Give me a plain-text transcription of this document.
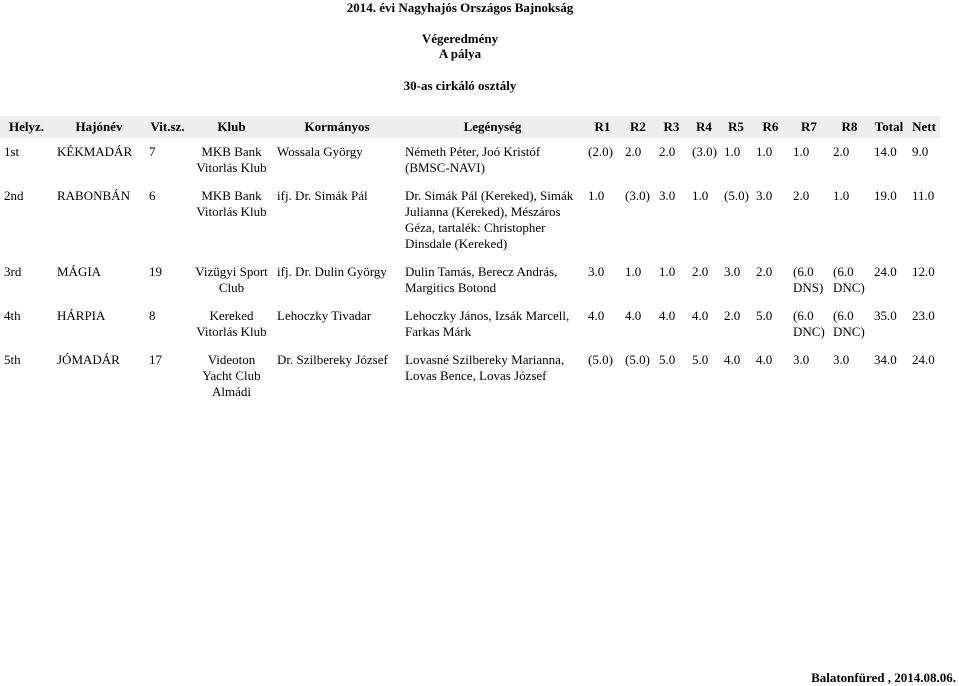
2014. évi Nagyhajós Országos Bajnokság
Végeredmény
A pálya
30-as cirkáló osztály
Helyz.	Hajónév	Vit.sz.	Klub	Kormányos	Legénység	R1	R2	R3	R4	R5	R6	R7	R8	Total	Nett
1st	KÉKMADÁR	7	MKB Bank Vitorlás Klub	Wossala György	Németh Péter, Joó Kristóf (BMSC-NAVI)	(2.0)	2.0	2.0	(3.0)	1.0	1.0	1.0	2.0	14.0	9.0
2nd	RABONBÁN	6	MKB Bank Vitorlás Klub	ifj. Dr. Simák Pál	Dr. Simák Pál (Kereked), Simák Julianna (Kereked), Mészáros Géza, tartalék: Christopher Dinsdale (Kereked)	1.0	(3.0)	3.0	1.0	(5.0)	3.0	2.0	1.0	19.0	11.0
3rd	MÁGIA	19	Vizügyi Sport Club	ifj. Dr. Dulin György	Dulin Tamás, Berecz András, Margitics Botond	3.0	1.0	1.0	2.0	3.0	2.0	(6.0 DNS)	(6.0 DNC)	24.0	12.0
4th	HÁRPIA	8	Kereked Vitorlás Klub	Lehoczky Tivadar	Lehoczky János, Izsák Marcell, Farkas Márk	4.0	4.0	4.0	4.0	2.0	5.0	(6.0 DNC)	(6.0 DNC)	35.0	23.0
5th	JÓMADÁR	17	Videoton Yacht Club Almádi	Dr. Szilbereky József	Lovasné Szilbereky Marianna, Lovas Bence, Lovas József	(5.0)	(5.0)	5.0	5.0	4.0	4.0	3.0	3.0	34.0	24.0
Balatonfüred , 2014.08.06.
